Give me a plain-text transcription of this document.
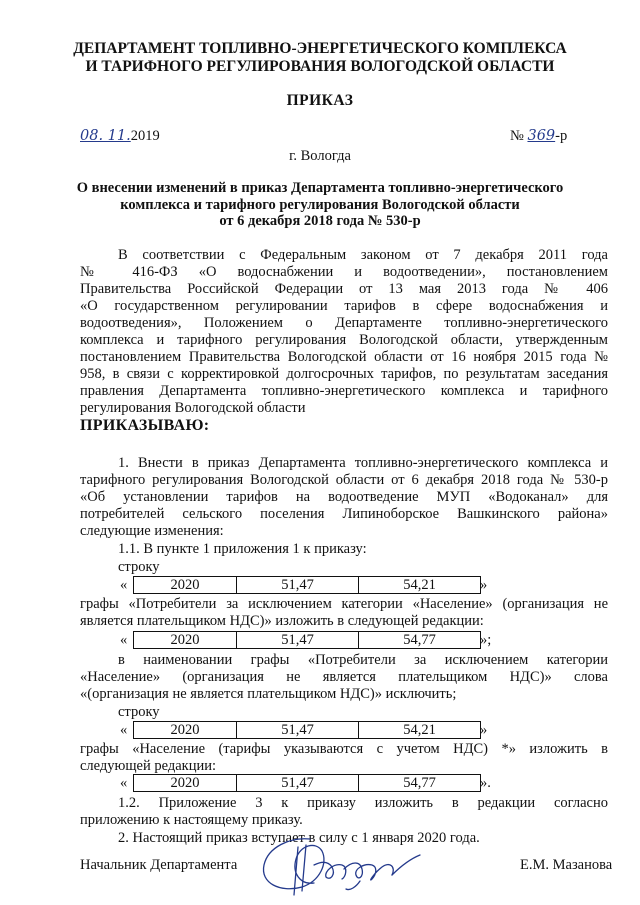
ДЕПАРТАМЕНТ ТОПЛИВНО-ЭНЕРГЕТИЧЕСКОГО КОМПЛЕКСА
И ТАРИФНОГО РЕГУЛИРОВАНИЯ ВОЛОГОДСКОЙ ОБЛАСТИ
ПРИКАЗ
08. 11.2019	№ 369-р
г. Вологда
О внесении изменений в приказ Департамента топливно-энергетического
комплекса и тарифного регулирования Вологодской области
от 6 декабря 2018 года № 530-р
В соответствии с Федеральным законом от 7 декабря 2011 года
№ 416-ФЗ «О водоснабжении и водоотведении», постановлением
Правительства Российской Федерации от 13 мая 2013 года № 406
«О государственном регулировании тарифов в сфере водоснабжения и
водоотведения», Положением о Департаменте топливно-энергетического
комплекса и тарифного регулирования Вологодской области, утвержденным
постановлением Правительства Вологодской области от 16 ноября 2015 года №
958, в связи с корректировкой долгосрочных тарифов, по результатам заседания
правления Департамента топливно-энергетического комплекса и тарифного
регулирования Вологодской области
ПРИКАЗЫВАЮ:
1. Внести в приказ Департамента топливно-энергетического комплекса и
тарифного регулирования Вологодской области от 6 декабря 2018 года № 530-р
«Об установлении тарифов на водоотведение МУП «Водоканал» для
потребителей сельского поселения Липиноборское Вашкинского района»
следующие изменения:
1.1. В пункте 1 приложения 1 к приказу:
строку
«	2020	51,47	54,21	»
графы «Потребители за исключением категории «Население» (организация не
является плательщиком НДС)» изложить в следующей редакции:
«	2020	51,47	54,77	»;
в наименовании графы «Потребители за исключением категории
«Население» (организация не является плательщиком НДС)» слова
«(организация не является плательщиком НДС)» исключить;
строку
«	2020	51,47	54,21	»
графы «Население (тарифы указываются с учетом НДС) *» изложить в
следующей редакции:
«	2020	51,47	54,77	».
1.2. Приложение 3 к приказу изложить в редакции согласно
приложению к настоящему приказу.
2. Настоящий приказ вступает в силу с 1 января 2020 года.
Начальник Департамента	Е.М. Мазанова
